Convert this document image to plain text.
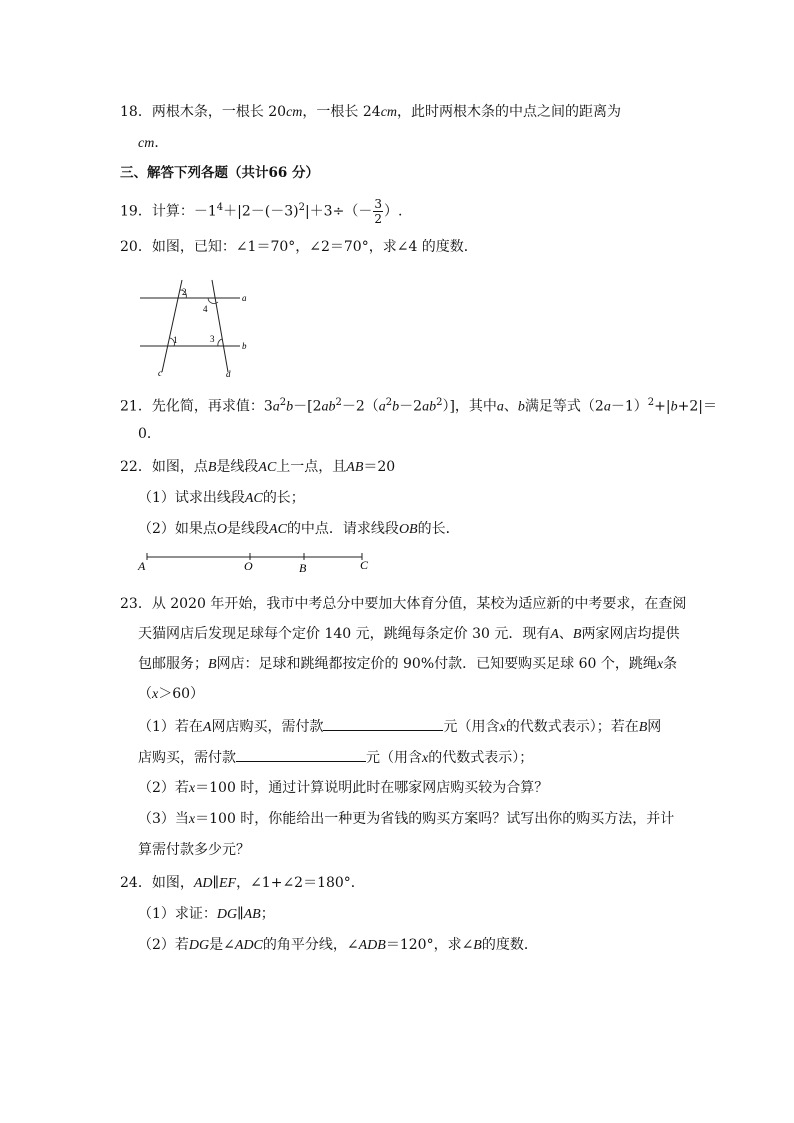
18．两根木条，一根长 20cm，一根长 24cm，此时两根木条的中点之间的距离为
cm．
三、解答下列各题（共计66 分）
19．计算：$-1^4+|2-(-3)^2|+3\div(- \frac{3}{2}$ ）.
20．如图，已知：∠1＝70°，∠2＝70°，求∠4 的度数．
a
b
c	d
2
4
1	3
21．先化简，再求值：$3a^2b-[2ab^2-2(a^2b-2ab^2)]$，其中a、b满足等式$(2a-1)^2+|b+2|=$
0．
22．如图，点B是线段AC上一点，且AB＝20
（1）试求出线段AC的长；
（2）如果点O是线段AC的中点．请求线段OB的长．
A	O	B	C
23．从 2020 年开始，我市中考总分中要加大体育分值，某校为适应新的中考要求，在查阅
天猫网店后发现足球每个定价 140 元，跳绳每条定价 30 元．现有A、B两家网店均提供
包邮服务；B网店：足球和跳绳都按定价的 90%付款．已知要购买足球 60 个，跳绳x条
（x＞60）
（1）若在A网店购买，需付款	元（用含x的代数式表示）；若在B网
店购买，需付款	元（用含x的代数式表示）；
（2）若x＝100 时，通过计算说明此时在哪家网店购买较为合算？
（3）当x＝100 时，你能给出一种更为省钱的购买方案吗？试写出你的购买方法，并计
算需付款多少元？
24．如图，AD∥EF，∠1+∠2＝180°．
（1）求证：DG∥AB；
（2）若DG是∠ADC的角平分线，∠ADB＝120°，求∠B的度数．
